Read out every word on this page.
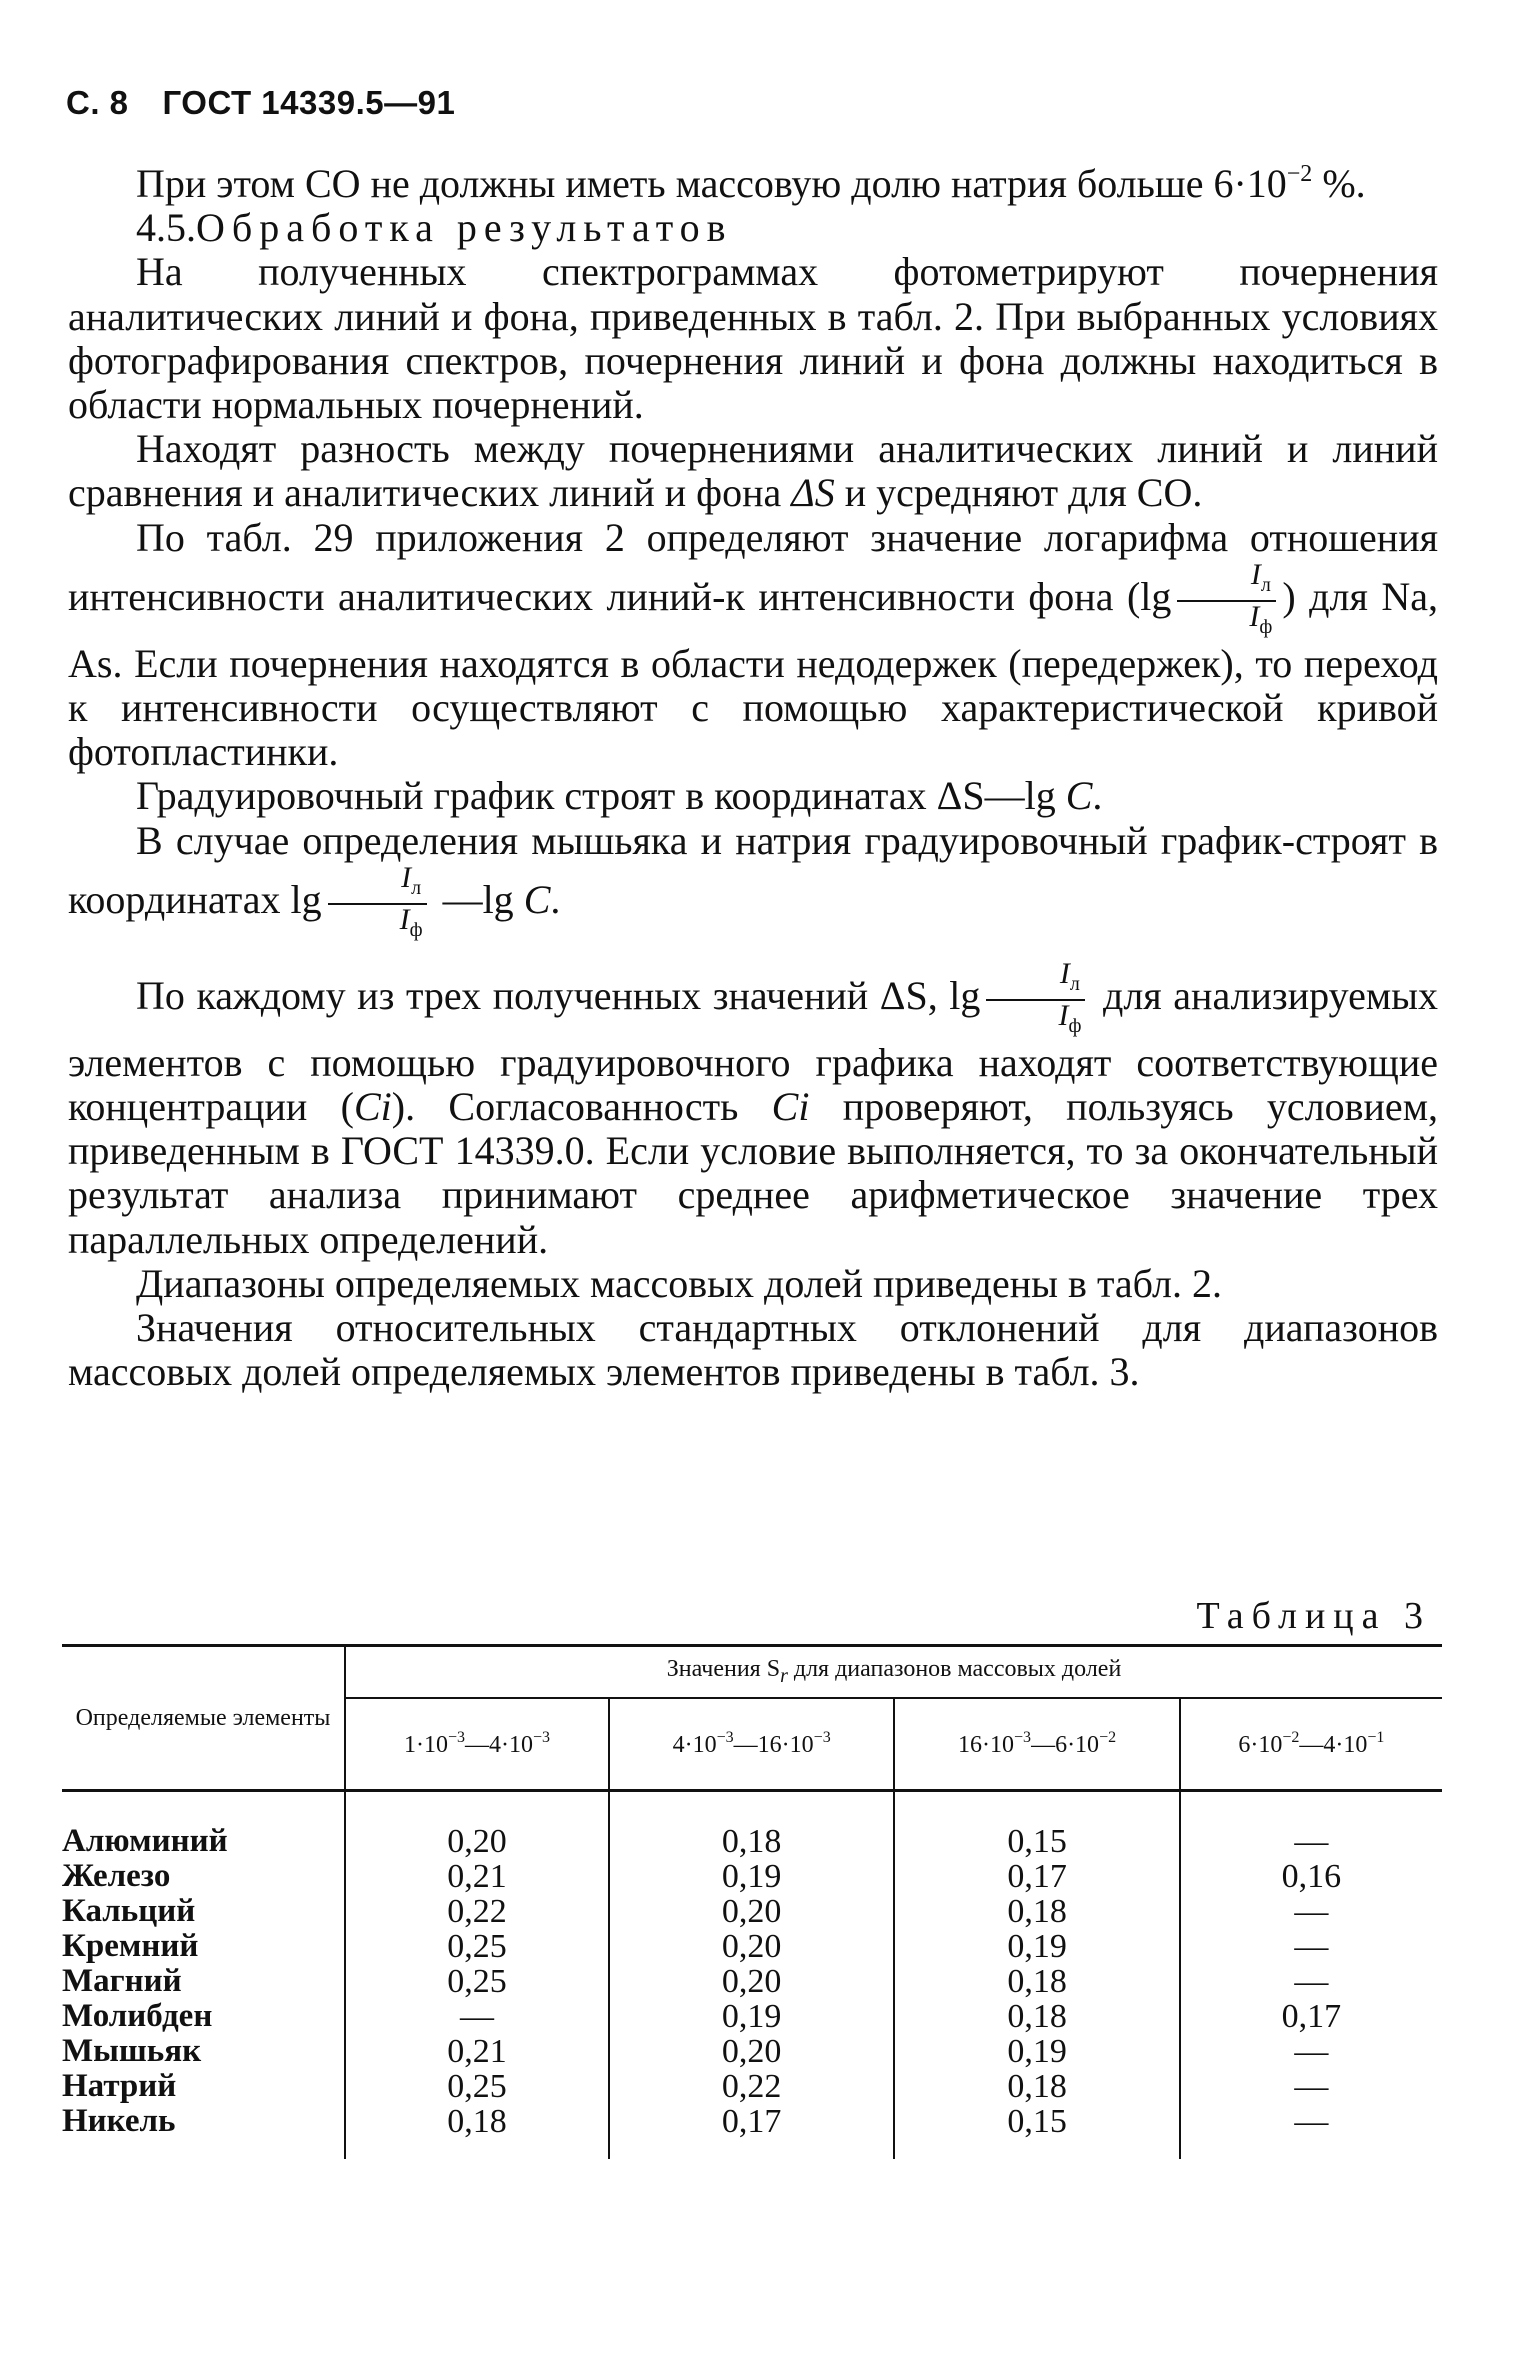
С. 8 ГОСТ 14339.5—91

При этом СО не должны иметь массовую долю натрия больше $6\cdot 10^{-2}$ %.

4.5.Обработка результатов

На полученных спектрограммах фотометрируют почернения аналитических линий и фона, приведенных в табл. 2. При выбранных условиях фотографирования спектров, почернения линий и фона должны находиться в области нормальных почернений.

Находят разность между почернениями аналитических линий и линий сравнения и аналитических линий и фона ΔS и усредняют для СО.

По табл. 29 приложения 2 определяют значение логарифма отношения интенсивности аналитических линий-к интенсивности фона ($\lg \frac{I_л}{I_ф}$ ) для Na, As. Если почернения находятся в области недодержек (передержек), то переход к интенсивности осуществляют с помощью характеристической кривой фотопластинки.

Градуировочный график строят в координатах ΔS—lg C.

В случае определения мышьяка и натрия градуировочный график-строят в координатах $\lg \frac{I_л}{I_ф}$ —lg C.

По каждому из трех полученных значений ΔS, $\lg \frac{I_л}{I_ф}$ для анализируемых элементов с помощью градуировочного графика находят соответствующие концентрации (Ci). Согласованность Ci проверяют, пользуясь условием, приведенным в ГОСТ 14339.0. Если условие выполняется, то за окончательный результат анализа принимают среднее арифметическое значение трех параллельных определений.

Диапазоны определяемых массовых долей приведены в табл. 2.

Значения относительных стандартных отклонений для диапазонов массовых долей определяемых элементов приведены в табл. 3.

Таблица 3
Определяемые элементы	Значения $S_r$ для диапазонов массовых долей			
	$1\cdot 10^{-3}—4\cdot 10^{-3}$	$4\cdot 10^{-3}—16\cdot 10^{-3}$	$16\cdot 10^{-3}—6\cdot 10^{-2}$	$6\cdot 10^{-2}—4\cdot 10^{-1}$
Алюминий	0,20	0,18	0,15	—
Железо	0,21	0,19	0,17	0,16
Кальций	0,22	0,20	0,18	—
Кремний	0,25	0,20	0,19	—
Магний	0,25	0,20	0,18	—
Молибден	—	0,19	0,18	0,17
Мышьяк	0,21	0,20	0,19	—
Натрий	0,25	0,22	0,18	—
Никель	0,18	0,17	0,15	—
